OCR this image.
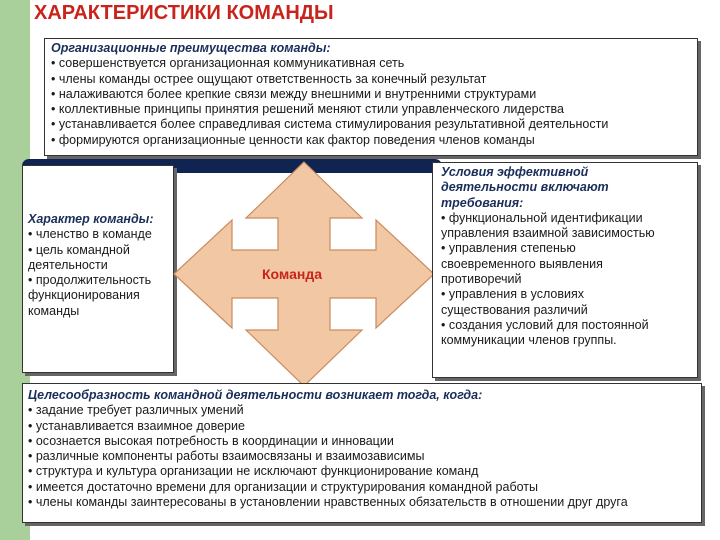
ХАРАКТЕРИСТИКИ КОМАНДЫ
Организационные преимущества команды:
• совершенствуется организационная коммуникативная сеть
• члены команды острее ощущают ответственность за конечный результат
• налаживаются более крепкие связи между внешними и внутренними структурами
• коллективные принципы принятия решений меняют стили управленческого лидерства
• устанавливается более справедливая система стимулирования результативной деятельности
• формируются организационные ценности как фактор поведения членов команды
Характер команды:
• членство в команде
• цель командной
деятельности
• продолжительность
функционирования
команды
Команда
Условия эффективной
деятельности включают
требования:
• функциональной идентификации
управления взаимной зависимостью
• управления степенью
своевременного выявления
противоречий
• управления в условиях
существования различий
• создания условий для постоянной
коммуникации членов группы.
Целесообразность командной деятельности возникает тогда, когда:
• задание требует различных умений
• устанавливается взаимное доверие
• осознается высокая потребность в координации и инновации
• различные компоненты работы взаимосвязаны и взаимозависимы
• структура и культура организации не исключают функционирование команд
• имеется достаточно времени для организации и структурирования командной работы
• члены команды заинтересованы в установлении нравственных обязательств в отношении друг друга
